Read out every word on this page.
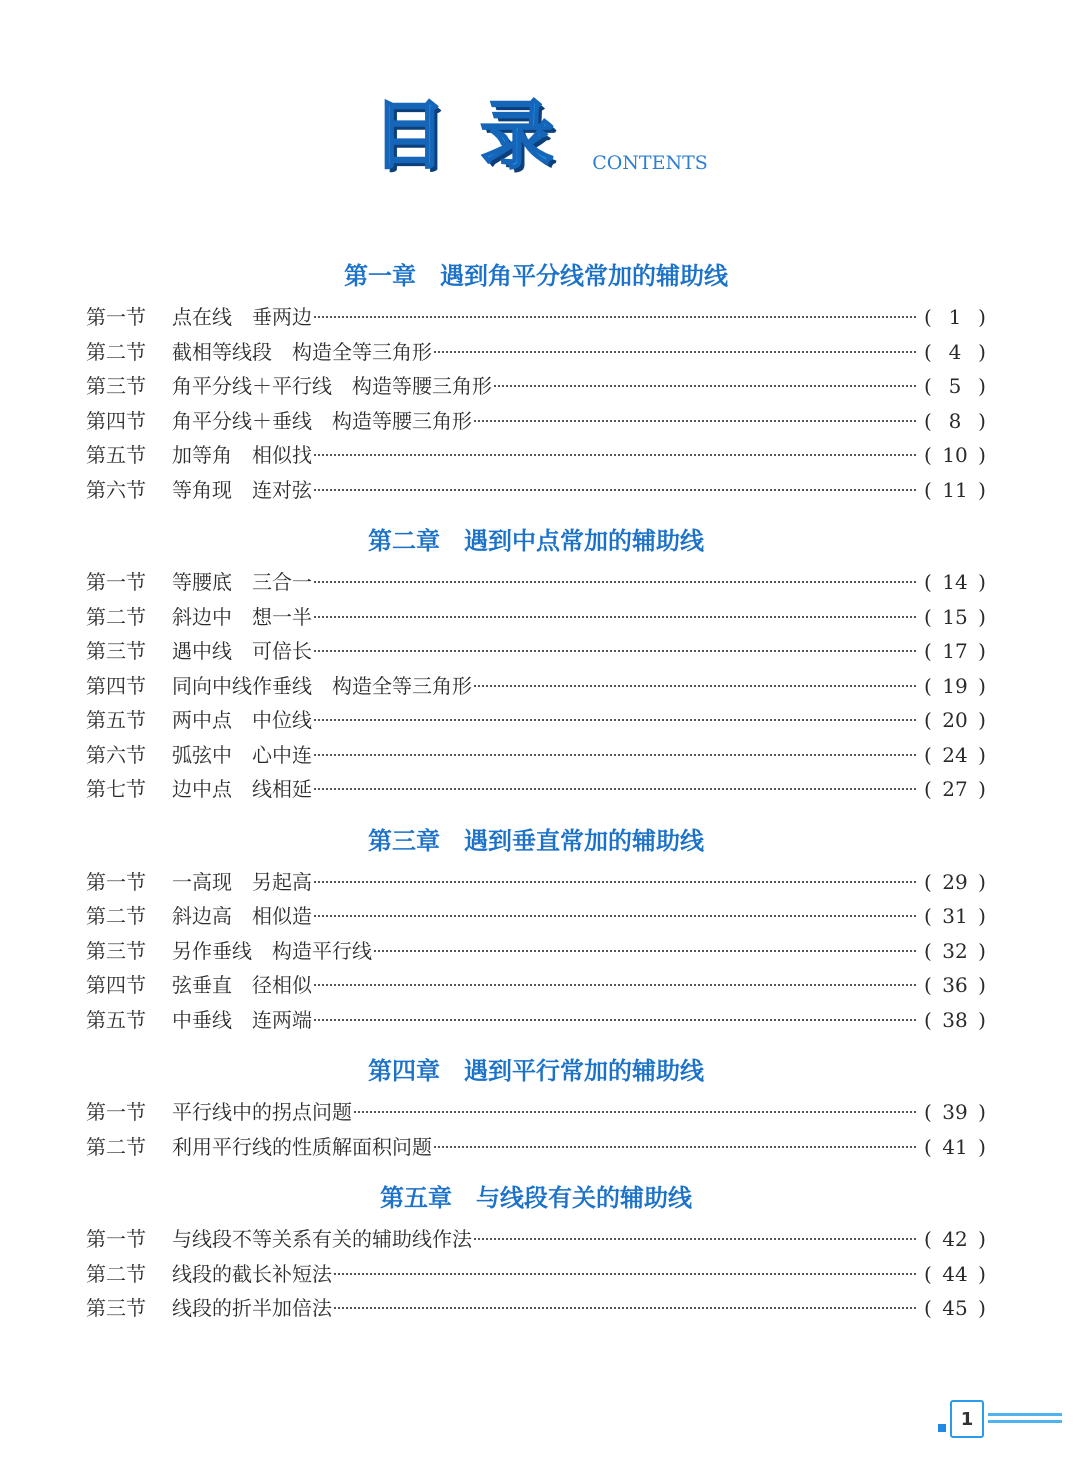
目录 CONTENTS
第一章　遇到角平分线常加的辅助线
第一节	点在线　垂两边	( 1 )
第二节	截相等线段　构造全等三角形	( 4 )
第三节	角平分线＋平行线　构造等腰三角形	( 5 )
第四节	角平分线＋垂线　构造等腰三角形	( 8 )
第五节	加等角　相似找	( 10 )
第六节	等角现　连对弦	( 11 )
第二章　遇到中点常加的辅助线
第一节	等腰底　三合一	( 14 )
第二节	斜边中　想一半	( 15 )
第三节	遇中线　可倍长	( 17 )
第四节	同向中线作垂线　构造全等三角形	( 19 )
第五节	两中点　中位线	( 20 )
第六节	弧弦中　心中连	( 24 )
第七节	边中点　线相延	( 27 )
第三章　遇到垂直常加的辅助线
第一节	一高现　另起高	( 29 )
第二节	斜边高　相似造	( 31 )
第三节	另作垂线　构造平行线	( 32 )
第四节	弦垂直　径相似	( 36 )
第五节	中垂线　连两端	( 38 )
第四章　遇到平行常加的辅助线
第一节	平行线中的拐点问题	( 39 )
第二节	利用平行线的性质解面积问题	( 41 )
第五章　与线段有关的辅助线
第一节	与线段不等关系有关的辅助线作法	( 42 )
第二节	线段的截长补短法	( 44 )
第三节	线段的折半加倍法	( 45 )
1
